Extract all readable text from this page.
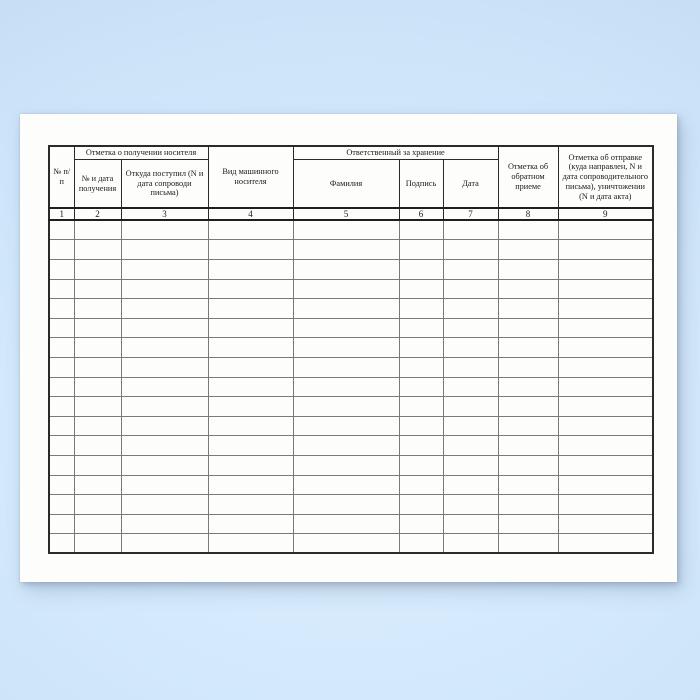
№ п/п	Отметка о получении носителя		Вид машинного носителя	Ответственный за хранение			Отметка об обратном приеме	Отметка об отправке (куда направлен, N и дата сопроводительного письма), уничтожении (N и дата акта)
	№ и дата получения	Откуда поступил (N и дата сопроводи письма)		Фамилия	Подпись	Дата		
1	2	3	4	5	6	7	8	9
